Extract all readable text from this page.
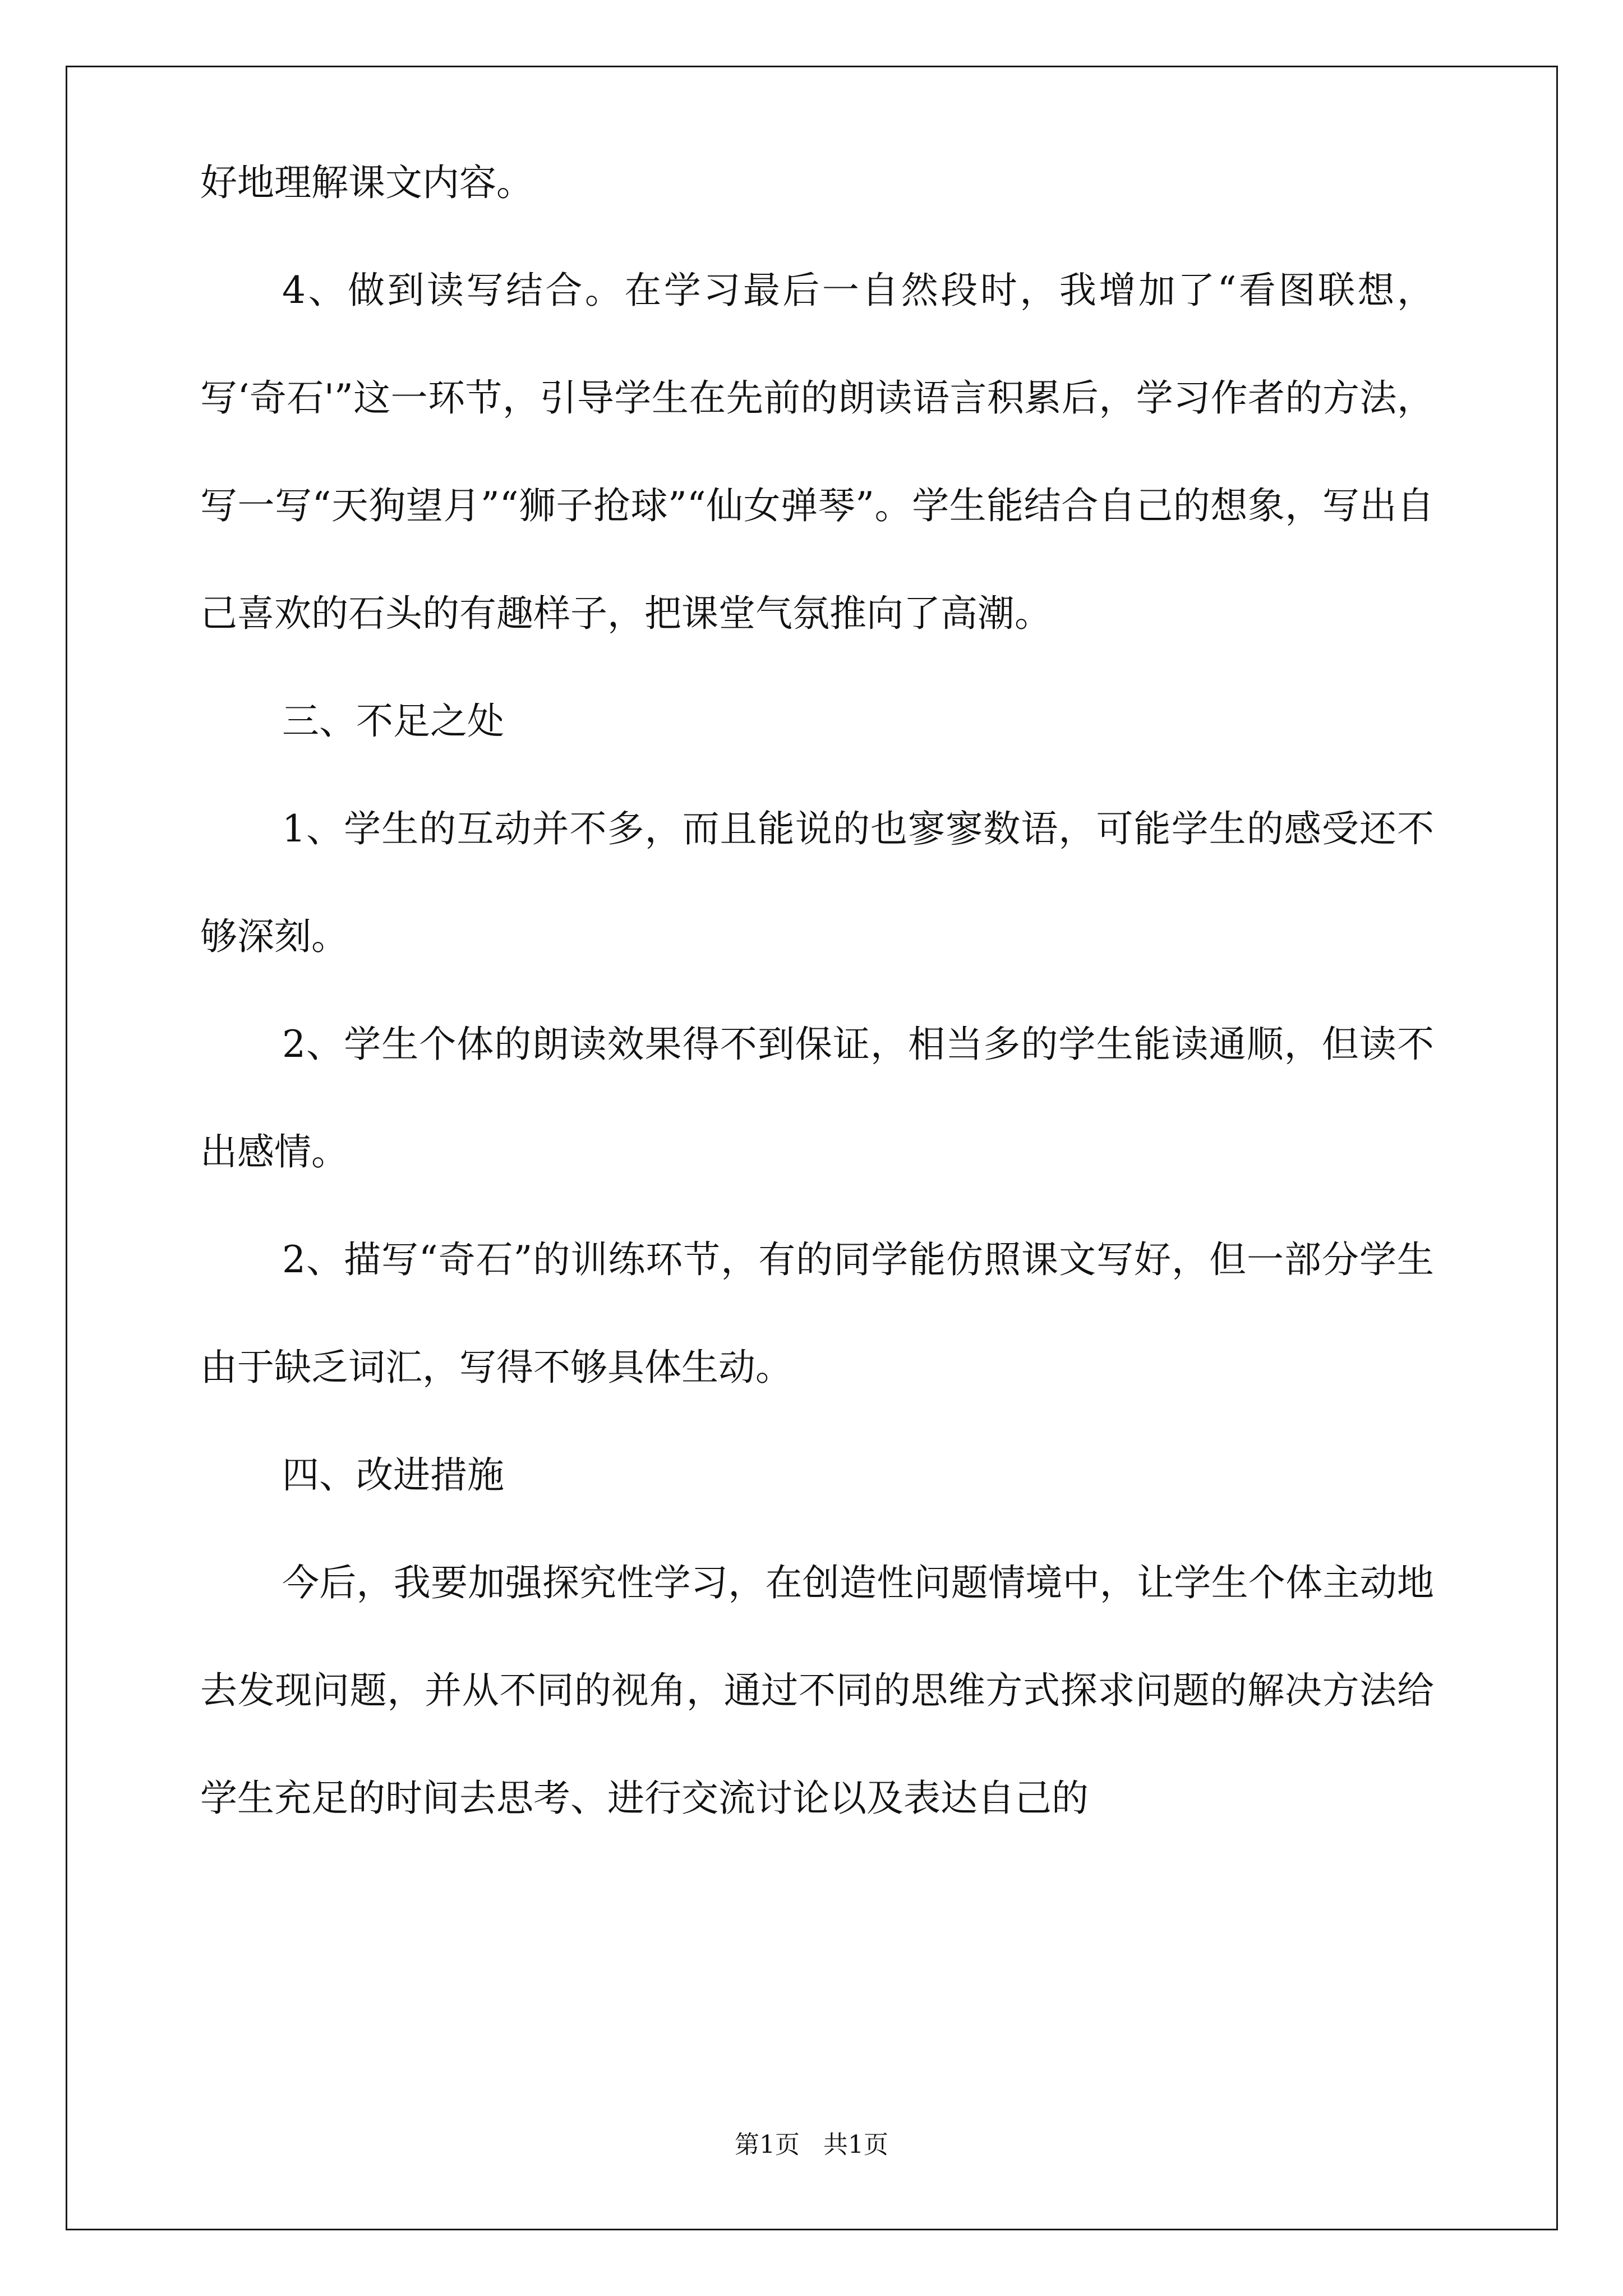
好地理解课文内容。

4、做到读写结合。在学习最后一自然段时，我增加了“看图联想，写‘奇石'”这一环节，引导学生在先前的朗读语言积累后，学习作者的方法，写一写“天狗望月”“狮子抢球”“仙女弹琴”。学生能结合自己的想象，写出自己喜欢的石头的有趣样子，把课堂气氛推向了高潮。

三、不足之处

1、学生的互动并不多，而且能说的也寥寥数语，可能学生的感受还不够深刻。

2、学生个体的朗读效果得不到保证，相当多的学生能读通顺，但读不出感情。

2、描写“奇石”的训练环节，有的同学能仿照课文写好，但一部分学生由于缺乏词汇，写得不够具体生动。

四、改进措施

今后，我要加强探究性学习，在创造性问题情境中，让学生个体主动地去发现问题，并从不同的视角，通过不同的思维方式探求问题的解决方法给学生充足的时间去思考、进行交流讨论以及表达自己的

第1页   共1页
